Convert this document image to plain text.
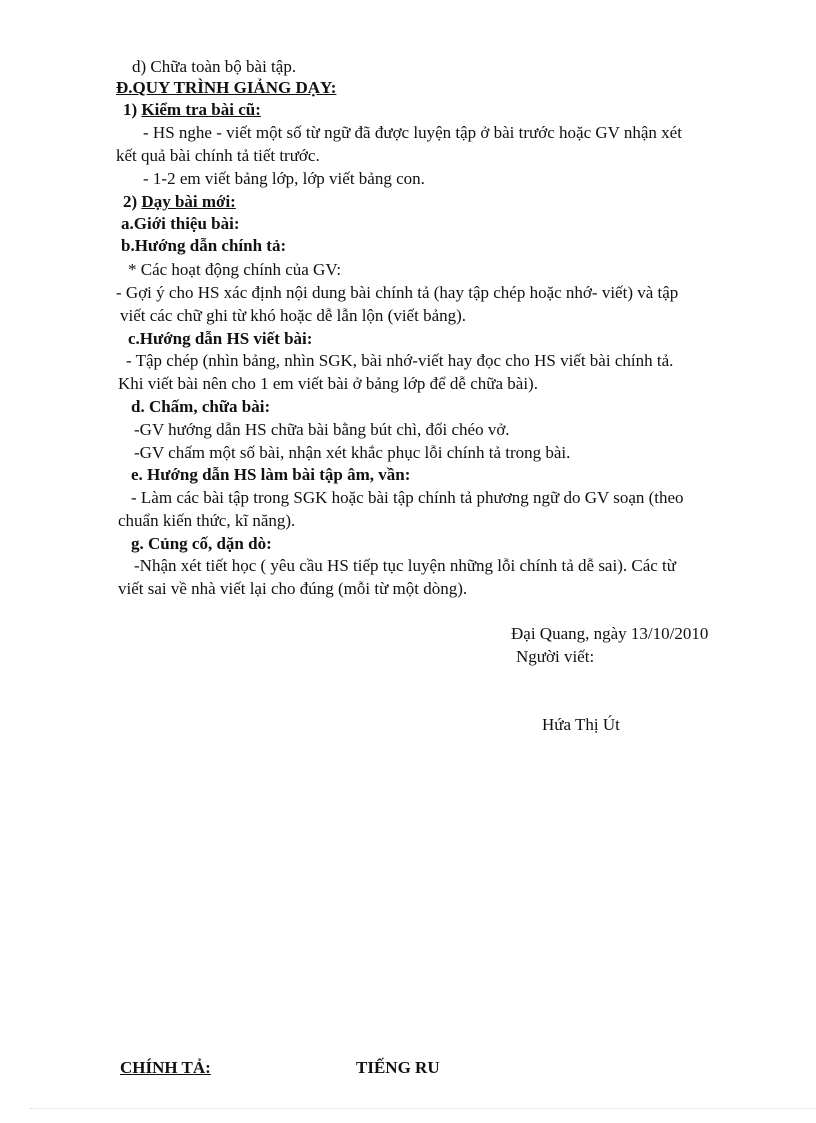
d) Chữa toàn bộ bài tập.
Đ.QUY TRÌNH GIẢNG DẠY:
1) Kiểm tra bài cũ:
- HS nghe - viết một số từ ngữ đã được luyện tập ở bài trước hoặc GV nhận xét
kết quả bài chính tả tiết trước.
- 1-2 em viết bảng lớp, lớp viết bảng con.
2) Dạy bài mới:
a.Giới thiệu bài:
b.Hướng dẫn chính tả:
* Các hoạt động chính của GV:
- Gợi ý cho HS xác định nội dung bài chính tả (hay tập chép hoặc nhớ- viết) và tập
viết các chữ ghi từ khó hoặc dễ lẫn lộn (viết bảng).
c.Hướng dẫn HS viết bài:
- Tập chép (nhìn bảng, nhìn SGK, bài nhớ-viết hay đọc cho HS viết bài chính tả.
Khi viết bài nên cho 1 em viết bài ở bảng lớp để dễ chữa bài).
d. Chấm, chữa bài:
-GV hướng dẫn HS chữa bài bằng bút chì, đổi chéo vở.
-GV chấm một số bài, nhận xét khắc phục lỗi chính tả trong bài.
e. Hướng dẫn HS làm bài tập âm, vần:
- Làm các bài tập trong SGK hoặc bài tập chính tả phương ngữ do GV soạn (theo
chuẩn kiến thức, kĩ năng).
g. Củng cố, dặn dò:
-Nhận xét tiết học ( yêu cầu HS tiếp tục luyện những lỗi chính tả dễ sai). Các từ
viết sai về nhà viết lại cho đúng (mỗi từ một dòng).
Đại Quang, ngày 13/10/2010
Người viết:
Hứa Thị Út
CHÍNH TẢ:	TIẾNG RU
